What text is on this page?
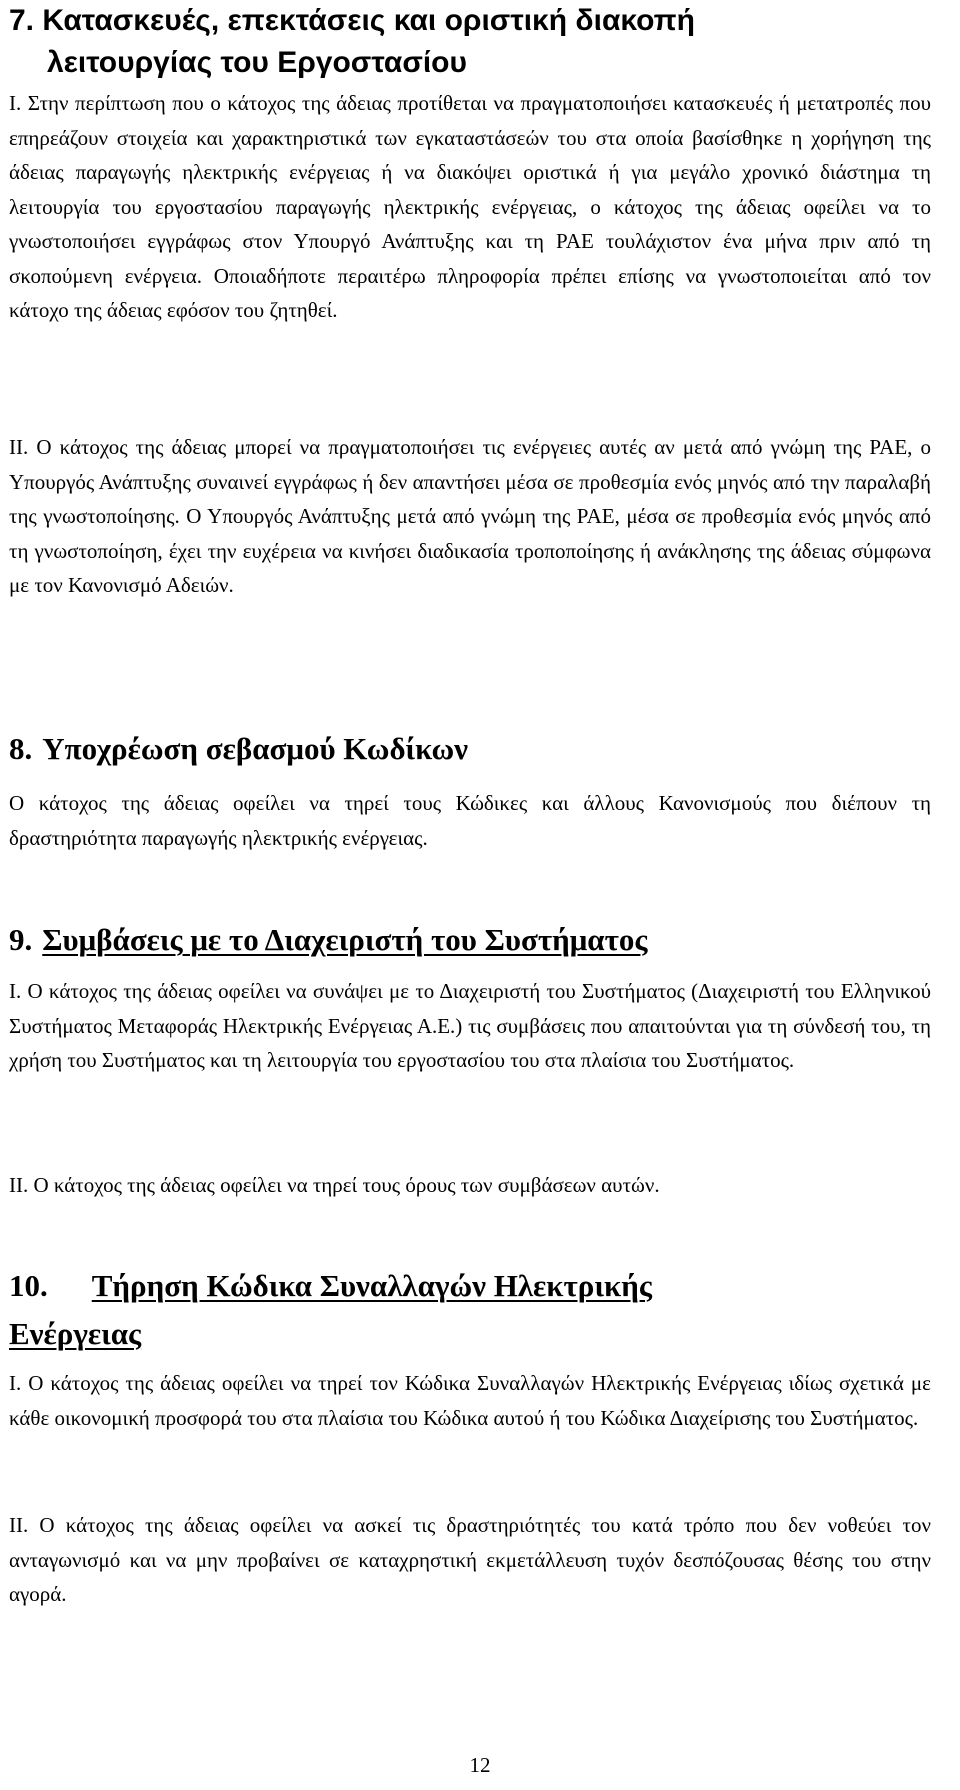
7. Κατασκευές, επεκτάσεις και οριστική διακοπή
λειτουργίας του Εργοστασίου

I. Στην περίπτωση που ο κάτοχος της άδειας προτίθεται να πραγματοποιήσει κατασκευές ή μετατροπές που επηρεάζουν στοιχεία και χαρακτηριστικά των εγκαταστάσεών του στα οποία βασίσθηκε η χορήγηση της άδειας παραγωγής ηλεκτρικής ενέργειας ή να διακόψει οριστικά ή για μεγάλο χρονικό διάστημα τη λειτουργία του εργοστασίου παραγωγής ηλεκτρικής ενέργειας, ο κάτοχος της άδειας οφείλει να το γνωστοποιήσει εγγράφως στον Υπουργό Ανάπτυξης και τη ΡΑΕ τουλάχιστον ένα μήνα πριν από τη σκοπούμενη ενέργεια. Οποιαδήποτε περαιτέρω πληροφορία πρέπει επίσης να γνωστοποιείται από τον κάτοχο της άδειας εφόσον του ζητηθεί.

II. Ο κάτοχος της άδειας μπορεί να πραγματοποιήσει τις ενέργειες αυτές αν μετά από γνώμη της ΡΑΕ, ο Υπουργός Ανάπτυξης συναινεί εγγράφως ή δεν απαντήσει μέσα σε προθεσμία ενός μηνός από την παραλαβή της γνωστοποίησης. Ο Υπουργός Ανάπτυξης μετά από γνώμη της ΡΑΕ, μέσα σε προθεσμία ενός μηνός από τη γνωστοποίηση, έχει την ευχέρεια να κινήσει διαδικασία τροποποίησης ή ανάκλησης της άδειας σύμφωνα με τον Κανονισμό Αδειών.

8. Υποχρέωση σεβασμού Κωδίκων

Ο κάτοχος της άδειας οφείλει να τηρεί τους Κώδικες και άλλους Κανονισμούς που διέπουν τη δραστηριότητα παραγωγής ηλεκτρικής ενέργειας.

9. Συμβάσεις με το Διαχειριστή του Συστήματος

I. Ο κάτοχος της άδειας οφείλει να συνάψει με το Διαχειριστή του Συστήματος (Διαχειριστή του Ελληνικού Συστήματος Μεταφοράς Ηλεκτρικής Ενέργειας Α.Ε.) τις συμβάσεις που απαιτούνται για τη σύνδεσή του, τη χρήση του Συστήματος και τη λειτουργία του εργοστασίου του στα πλαίσια του Συστήματος.

II. Ο κάτοχος της άδειας οφείλει να τηρεί τους όρους των συμβάσεων αυτών.

10. Τήρηση Κώδικα Συναλλαγών Ηλεκτρικής
Ενέργειας

I. Ο κάτοχος της άδειας οφείλει να τηρεί τον Κώδικα Συναλλαγών Ηλεκτρικής Ενέργειας ιδίως σχετικά με κάθε οικονομική προσφορά του στα πλαίσια του Κώδικα αυτού ή του Κώδικα Διαχείρισης του Συστήματος.

II. Ο κάτοχος της άδειας οφείλει να ασκεί τις δραστηριότητές του κατά τρόπο που δεν νοθεύει τον ανταγωνισμό και να μην προβαίνει σε καταχρηστική εκμετάλλευση τυχόν δεσπόζουσας θέσης του στην αγορά.

12
